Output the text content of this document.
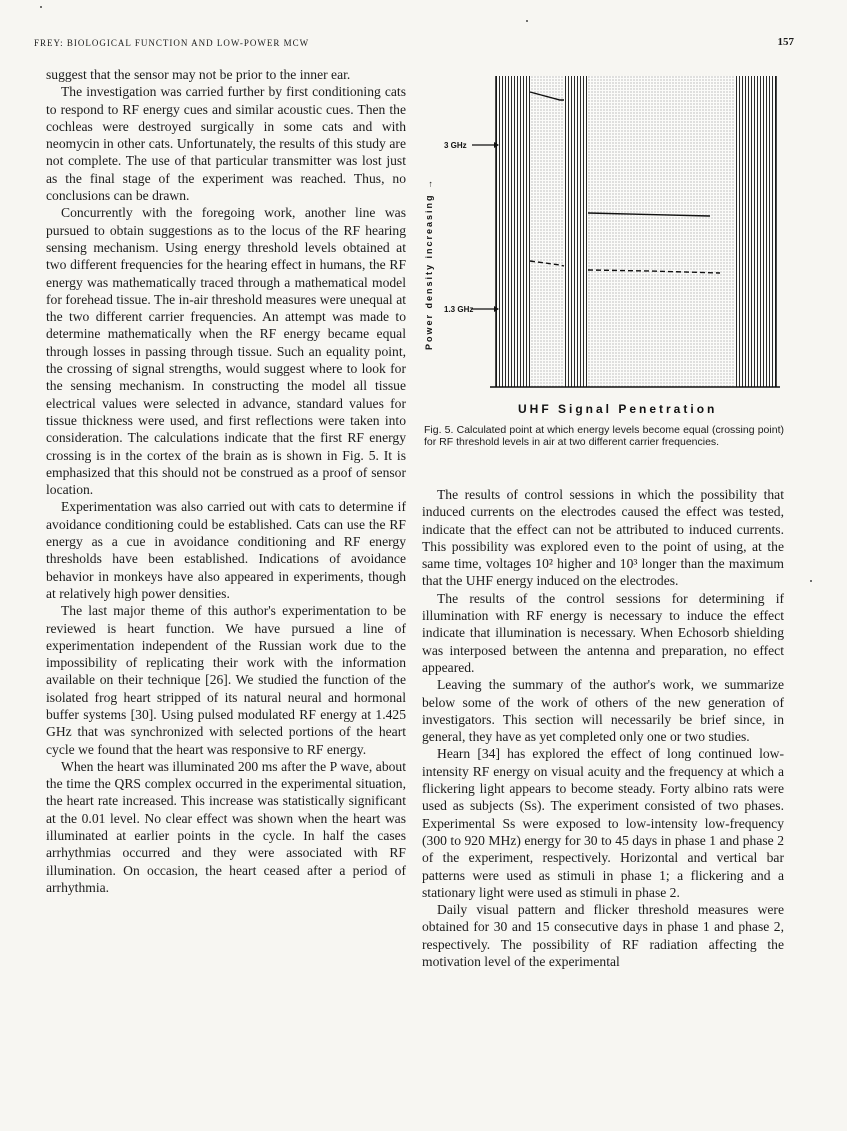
FREY: BIOLOGICAL FUNCTION AND LOW-POWER MCW	157

suggest that the sensor may not be prior to the inner ear.

The investigation was carried further by first conditioning cats to respond to RF energy cues and similar acoustic cues. Then the cochleas were destroyed surgically in some cats and with neomycin in other cats. Unfortunately, the results of this study are not complete. The use of that particular transmitter was lost just as the final stage of the experiment was reached. Thus, no conclusions can be drawn.

Concurrently with the foregoing work, another line was pursued to obtain suggestions as to the locus of the RF hearing sensing mechanism. Using energy threshold levels obtained at two different frequencies for the hearing effect in humans, the RF energy was mathematically traced through a mathematical model for forehead tissue. The in-air threshold measures were unequal at the two different carrier frequencies. An attempt was made to determine mathematically when the RF energy became equal through losses in passing through tissue. Such an equality point, the crossing of signal strengths, would suggest where to look for the sensing mechanism. In constructing the model all tissue electrical values were selected in advance, standard values for tissue thickness were used, and first reflections were taken into consideration. The calculations indicate that the first RF energy crossing is in the cortex of the brain as is shown in Fig. 5. It is emphasized that this should not be construed as a proof of sensor location.

Experimentation was also carried out with cats to determine if avoidance conditioning could be established. Cats can use the RF energy as a cue in avoidance conditioning and RF energy thresholds have been established. Indications of avoidance behavior in monkeys have also appeared in experiments, though at relatively high power densities.

The last major theme of this author's experimentation to be reviewed is heart function. We have pursued a line of experimentation independent of the Russian work due to the impossibility of replicating their work with the information available on their technique [26]. We studied the function of the isolated frog heart stripped of its natural neural and hormonal buffer systems [30]. Using pulsed modulated RF energy at 1.425 GHz that was synchronized with selected portions of the heart cycle we found that the heart was responsive to RF energy.

When the heart was illuminated 200 ms after the P wave, about the time the QRS complex occurred in the experimental situation, the heart rate increased. This increase was statistically significant at the 0.01 level. No clear effect was shown when the heart was illuminated at earlier points in the cycle. In half the cases arrhythmias occurred and they were associated with RF illumination. On occasion, the heart ceased after a period of arrhythmia.

3 GHz
1.3 GHz
Power density increasing →
UHF Signal Penetration
Fig. 5. Calculated point at which energy levels become equal (crossing point) for RF threshold levels in air at two different carrier frequencies.

The results of control sessions in which the possibility that induced currents on the electrodes caused the effect was tested, indicate that the effect can not be attributed to induced currents. This possibility was explored even to the point of using, at the same time, voltages 10² higher and 10³ longer than the maximum that the UHF energy induced on the electrodes.

The results of the control sessions for determining if illumination with RF energy is necessary to induce the effect indicate that illumination is necessary. When Echosorb shielding was interposed between the antenna and preparation, no effect appeared.

Leaving the summary of the author's work, we summarize below some of the work of others of the new generation of investigators. This section will necessarily be brief since, in general, they have as yet completed only one or two studies.

Hearn [34] has explored the effect of long continued low-intensity RF energy on visual acuity and the frequency at which a flickering light appears to become steady. Forty albino rats were used as subjects (Ss). The experiment consisted of two phases. Experimental Ss were exposed to low-intensity low-frequency (300 to 920 MHz) energy for 30 to 45 days in phase 1 and phase 2 of the experiment, respectively. Horizontal and vertical bar patterns were used as stimuli in phase 1; a flickering and a stationary light were used as stimuli in phase 2.

Daily visual pattern and flicker threshold measures were obtained for 30 and 15 consecutive days in phase 1 and phase 2, respectively. The possibility of RF radiation affecting the motivation level of the experimental
